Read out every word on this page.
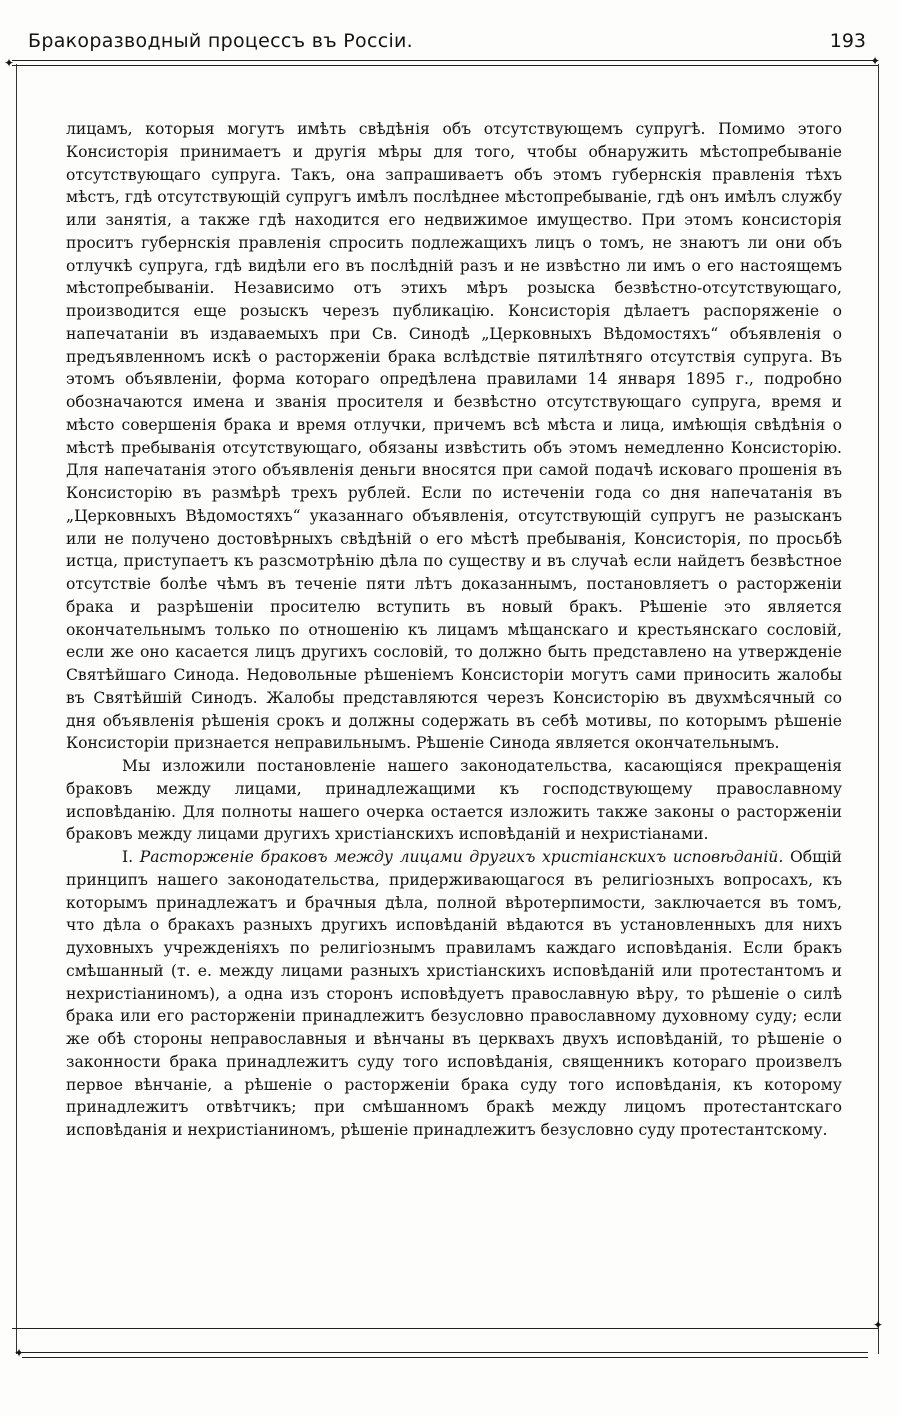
Бракоразводный процессъ въ Россіи.	193
✦	✦
✦
✦

лицамъ, которыя могутъ имѣть свѣдѣнія объ отсутствующемъ супругѣ. Помимо этого Консисторія принимаетъ и другія мѣры для того, чтобы обнаружить мѣстопребываніе отсутствующаго супруга. Такъ, она запрашиваетъ объ этомъ губернскія правленія тѣхъ мѣстъ, гдѣ отсутствующій супругъ имѣлъ послѣднее мѣстопребываніе, гдѣ онъ имѣлъ службу или занятія, а также гдѣ находится его недвижимое имущество. При этомъ консисторія проситъ губернскія правленія спросить подлежащихъ лицъ о томъ, не знаютъ ли они объ отлучкѣ супруга, гдѣ видѣли его въ послѣдній разъ и не извѣстно ли имъ о его настоящемъ мѣстопребываніи. Независимо отъ этихъ мѣръ розыска безвѣстно-отсутствующаго, производится еще розыскъ черезъ публикацію. Консисторія дѣлаетъ распоряженіе о напечатаніи въ издаваемыхъ при Св. Синодѣ „Церковныхъ Вѣдомостяхъ“ объявленія о предъявленномъ искѣ о расторженіи брака вслѣдствіе пятилѣтняго отсутствія супруга. Въ этомъ объявленіи, форма котораго опредѣлена правилами 14 января 1895 г., подробно обозначаются имена и званія просителя и безвѣстно отсутствующаго супруга, время и мѣсто совершенія брака и время отлучки, причемъ всѣ мѣста и лица, имѣющія свѣдѣнія о мѣстѣ пребыванія отсутствующаго, обязаны извѣстить объ этомъ немедленно Консисторію. Для напечатанія этого объявленія деньги вносятся при самой подачѣ исковаго прошенія въ Консисторію въ размѣрѣ трехъ рублей. Если по истеченіи года со дня напечатанія въ „Церковныхъ Вѣдомостяхъ“ указаннаго объявленія, отсутствующій супругъ не разысканъ или не получено достовѣрныхъ свѣдѣній о его мѣстѣ пребыванія, Консисторія, по просьбѣ истца, приступаетъ къ разсмотрѣнію дѣла по существу и въ случаѣ если найдетъ безвѣстное отсутствіе болѣе чѣмъ въ теченіе пяти лѣтъ доказаннымъ, постановляетъ о расторженіи брака и разрѣшеніи просителю вступить въ новый бракъ. Рѣшеніе это является окончательнымъ только по отношенію къ лицамъ мѣщанскаго и крестьянскаго сословій, если же оно касается лицъ другихъ сословій, то должно быть представлено на утвержденіе Святѣйшаго Синода. Недовольные рѣшеніемъ Консисторіи могутъ сами приносить жалобы въ Святѣйшій Синодъ. Жалобы представляются черезъ Консисторію въ двухмѣсячный со дня объявленія рѣшенія срокъ и должны содержать въ себѣ мотивы, по которымъ рѣшеніе Консисторіи признается неправильнымъ. Рѣшеніе Синода является окончательнымъ.

Мы изложили постановленіе нашего законодательства, касающіяся прекращенія браковъ между лицами, принадлежащими къ господствующему православному исповѣданію. Для полноты нашего очерка остается изложить также законы о расторженіи браковъ между лицами другихъ христіанскихъ исповѣданій и нехристіанами.

I. Расторженіе браковъ между лицами другихъ христіанскихъ исповѣданій. Общій принципъ нашего законодательства, придерживающагося въ религіозныхъ вопросахъ, къ которымъ принадлежатъ и брачныя дѣла, полной вѣротерпимости, заключается въ томъ, что дѣла о бракахъ разныхъ другихъ исповѣданій вѣдаются въ установленныхъ для нихъ духовныхъ учрежденіяхъ по религіознымъ правиламъ каждаго исповѣданія. Если бракъ смѣшанный (т. е. между лицами разныхъ христіанскихъ исповѣданій или протестантомъ и нехристіаниномъ), а одна изъ сторонъ исповѣдуетъ православную вѣру, то рѣшеніе о силѣ брака или его расторженіи принадлежитъ безусловно православному духовному суду; если же обѣ стороны неправославныя и вѣнчаны въ церквахъ двухъ исповѣданій, то рѣшеніе о законности брака принадлежитъ суду того исповѣданія, священникъ котораго произвелъ первое вѣнчаніе, а рѣшеніе о расторженіи брака суду того исповѣданія, къ которому принадлежитъ отвѣтчикъ; при смѣшанномъ бракѣ между лицомъ протестантскаго исповѣданія и нехристіаниномъ, рѣшеніе принадлежитъ безусловно суду протестантскому.
